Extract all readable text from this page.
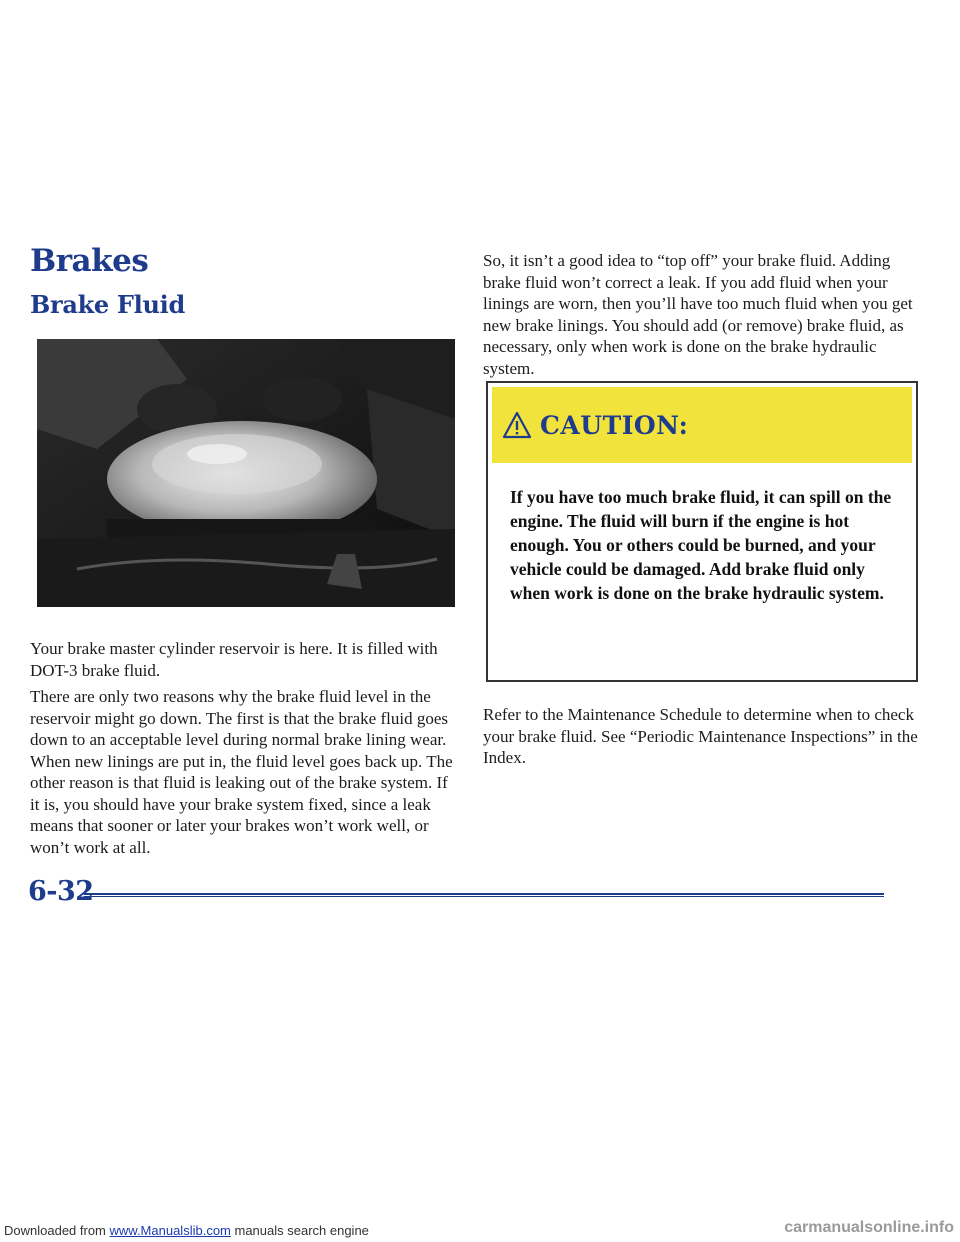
Brakes
Brake Fluid

Your brake master cylinder reservoir is here. It is filled with DOT-3 brake fluid.

There are only two reasons why the brake fluid level in the reservoir might go down. The first is that the brake fluid goes down to an acceptable level during normal brake lining wear. When new linings are put in, the fluid level goes back up. The other reason is that fluid is leaking out of the brake system. If it is, you should have your brake system fixed, since a leak means that sooner or later your brakes won’t work well, or won’t work at all.

So, it isn’t a good idea to “top off” your brake fluid. Adding brake fluid won’t correct a leak. If you add fluid when your linings are worn, then you’ll have too much fluid when you get new brake linings. You should add (or remove) brake fluid, as necessary, only when work is done on the brake hydraulic system.

CAUTION:

If you have too much brake fluid, it can spill on the engine. The fluid will burn if the engine is hot enough. You or others could be burned, and your vehicle could be damaged. Add brake fluid only when work is done on the brake hydraulic system.

Refer to the Maintenance Schedule to determine when to check your brake fluid. See “Periodic Maintenance Inspections” in the Index.

6-32
Downloaded from www.Manualslib.com manuals search engine	carmanualsonline.info
